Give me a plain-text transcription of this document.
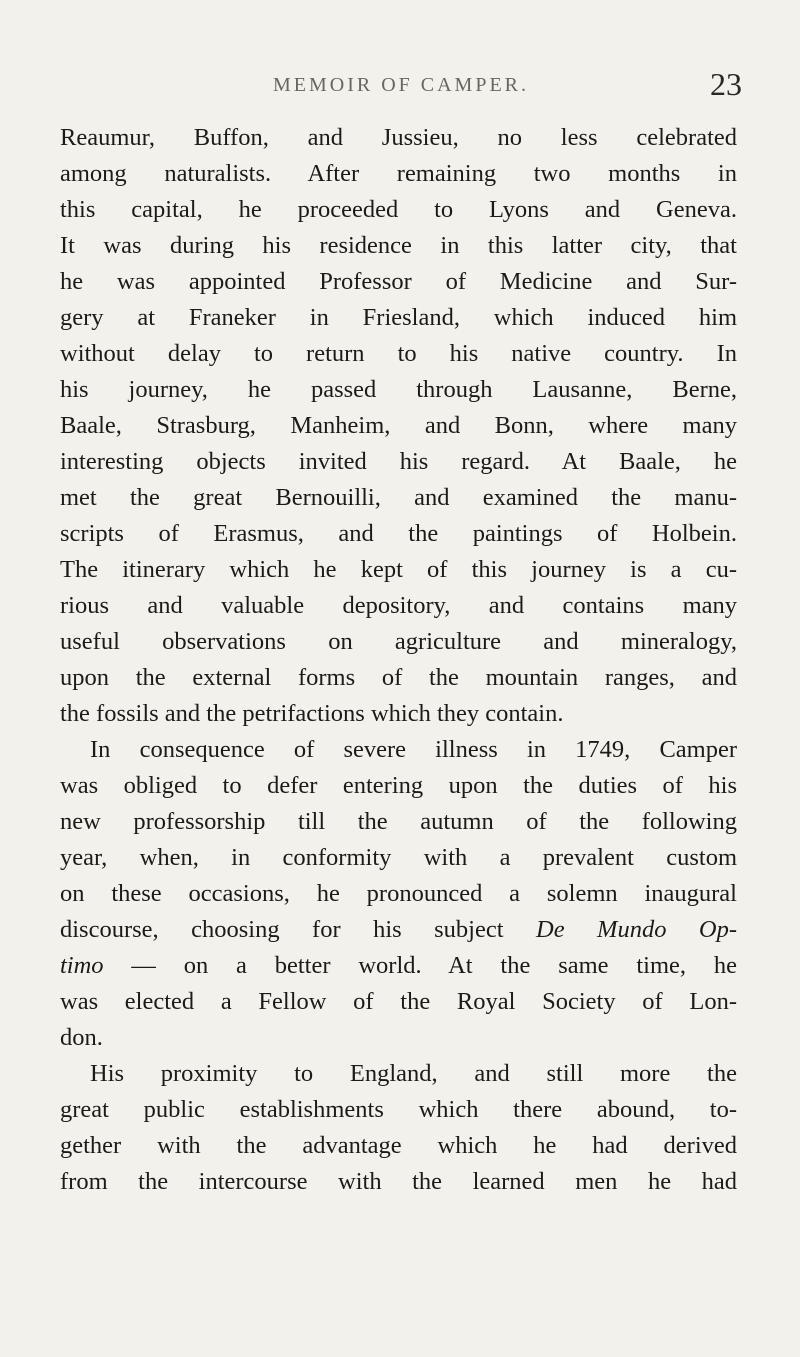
MEMOIR OF CAMPER.	23
Reaumur, Buffon, and Jussieu, no less celebrated
among naturalists. After remaining two months in
this capital, he proceeded to Lyons and Geneva.
It was during his residence in this latter city, that
he was appointed Professor of Medicine and Sur-
gery at Franeker in Friesland, which induced him
without delay to return to his native country. In
his journey, he passed through Lausanne, Berne,
Baale, Strasburg, Manheim, and Bonn, where many
interesting objects invited his regard. At Baale, he
met the great Bernouilli, and examined the manu-
scripts of Erasmus, and the paintings of Holbein.
The itinerary which he kept of this journey is a cu-
rious and valuable depository, and contains many
useful observations on agriculture and mineralogy,
upon the external forms of the mountain ranges, and
the fossils and the petrifactions which they contain.
In consequence of severe illness in 1749, Camper
was obliged to defer entering upon the duties of his
new professorship till the autumn of the following
year, when, in conformity with a prevalent custom
on these occasions, he pronounced a solemn inaugural
discourse, choosing for his subject De Mundo Op-
timo — on a better world. At the same time, he
was elected a Fellow of the Royal Society of Lon-
don.
His proximity to England, and still more the
great public establishments which there abound, to-
gether with the advantage which he had derived
from the intercourse with the learned men he had
